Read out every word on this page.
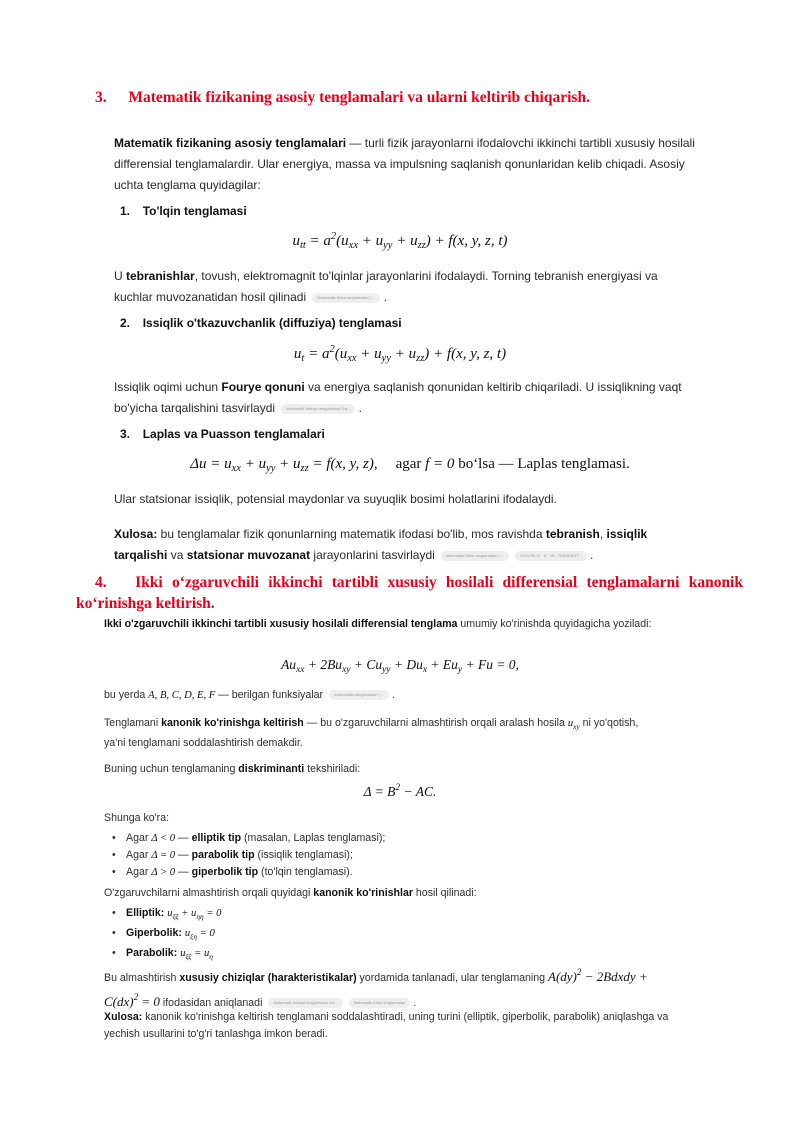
3. Matematik fizikaning asosiy tenglamalari va ularni keltirib chiqarish.
Matematik fizikaning asosiy tenglamalari — turli fizik jarayonlarni ifodalovchi ikkinchi tartibli xususiy hosilali differensial tenglamalardir. Ular energiya, massa va impulsning saqlanish qonunlaridan kelib chiqadi. Asosiy uchta tenglama quyidagilar:
1. To'lqin tenglamasi
$u_{tt} = a^2(u_{xx} + u_{yy} + u_{zz}) + f(x$, y, z, t)
U tebranishlar, tovush, elektromagnit to'lqinlar jarayonlarini ifodalaydi. Torning tebranish energiyasi va kuchlar muvozanatidan hosil qilinadi	Matematik fizika tenglamalari | ... .
2. Issiqlik o'tkazuvchanlik (diffuziya) tenglamasi
$u_t = a^2(u_{xx} + u_{yy} + u_{zz}) + f(x$, y, z, t)
Issiqlik oqimi uchun Fourye qonuni va energiya saqlanish qonunidan keltirib chiqariladi. U issiqlikning vaqt bo'yicha tarqalishini tasvirlaydi	Matematik fizikasi tenglamalari Ga... .
3. Laplas va Puasson tenglamalari
$\Delta u = u_{xx} + u_{yy} + u_{zz} = f(x$, y, z), agar f = 0 bo‘lsa — Laplas tenglamasi.
Ular statsionar issiqlik, potensial maydonlar va suyuqlik bosimi holatlarini ifodalaydi.
Xulosa: bu tenglamalar fizik qonunlarning matematik ifodasi bo'lib, mos ravishda tebranish, issiqlik tarqalishi va statsionar muvozanat jarayonlarini tasvirlaydi	Matematik fizika tenglamalari | ...	2024-05-12 · 8 · 45 · TASHKENT... .
4. Ikki o‘zgaruvchili ikkinchi tartibli xususiy hosilali differensial tenglamalarni kanonik ko‘rinishga keltirish.
Ikki o'zgaruvchili ikkinchi tartibli xususiy hosilali differensial tenglama umumiy ko'rinishda quyidagicha yoziladi:
$Au_{xx} + 2Bu_{xy} + Cu_{yy} + Du_x + Eu_y + Fu = 0$,
bu yerda A, B, C, D, E, F — berilgan funksiyalar	matematika tenglamalari | ... .
Tenglamani kanonik ko'rinishga keltirish — bu o'zgaruvchilarni almashtirish orqali aralash hosila $u_{xy}$ ni yo'qotish, ya'ni tenglamani soddalashtirish demakdir.
Buning uchun tenglamaning diskriminanti tekshiriladi:
$\Delta = B^2$ − AC.
Shunga ko'ra:
• Agar Δ < 0 — elliptik tip (masalan, Laplas tenglamasi);
• Agar Δ = 0 — parabolik tip (issiqlik tenglamasi);
• Agar Δ > 0 — giperbolik tip (to'lqin tenglamasi).
O'zgaruvchilarni almashtirish orqali quyidagi kanonik ko'rinishlar hosil qilinadi:
• Elliptik: $u_{\xi\xi} + u_{\eta\eta} = 0$
• Giperbolik: $u_{\xi\eta} = 0$
• Parabolik: $u_{\xi\xi} = u_\eta$
Bu almashtirish xususiy chiziqlar (harakteristikalar) yordamida tanlanadi, ular tenglamaning A(dy)$^2$ − 2Bdxdy + C(dx)$^2$ = 0 ifodasidan aniqlanadi	Matematik fizikasi tenglamalari Ga...	Matematik fizika tenglamalari .
Xulosa: kanonik ko'rinishga keltirish tenglamani soddalashtiradi, uning turini (elliptik, giperbolik, parabolik) aniqlashga va yechish usullarini to'g'ri tanlashga imkon beradi.
